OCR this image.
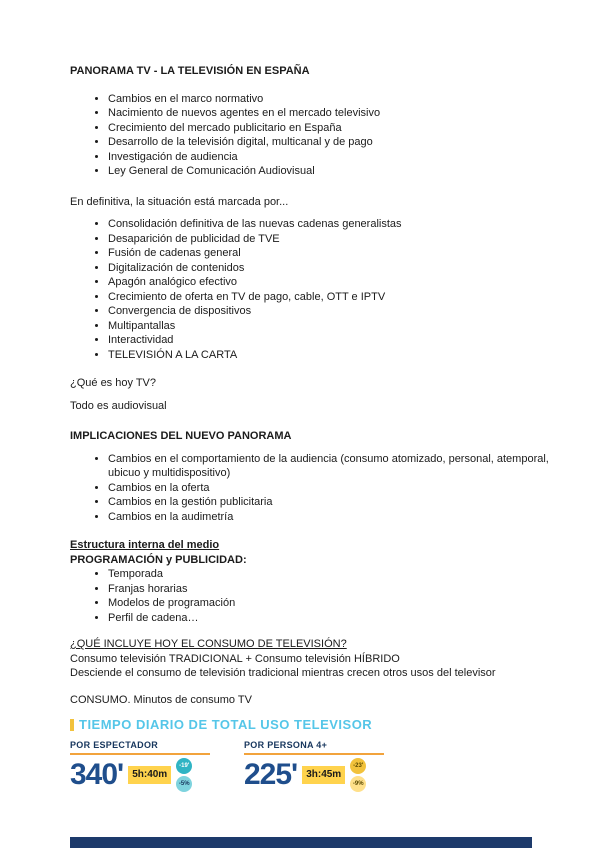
PANORAMA TV - LA TELEVISIÓN EN ESPAÑA
• Cambios en el marco normativo
• Nacimiento de nuevos agentes en el mercado televisivo
• Crecimiento del mercado publicitario en España
• Desarrollo de la televisión digital, multicanal y de pago
• Investigación de audiencia
• Ley General de Comunicación Audiovisual

En definitiva, la situación está marcada por...

• Consolidación definitiva de las nuevas cadenas generalistas
• Desaparición de publicidad de TVE
• Fusión de cadenas general
• Digitalización de contenidos
• Apagón analógico efectivo
• Crecimiento de oferta en TV de pago, cable, OTT e IPTV
• Convergencia de dispositivos
• Multipantallas
• Interactividad
• TELEVISIÓN A LA CARTA

¿Qué es hoy TV?

Todo es audiovisual

IMPLICACIONES DEL NUEVO PANORAMA
• Cambios en el comportamiento de la audiencia (consumo atomizado, personal, atemporal, ubicuo y multidispositivo)
• Cambios en la oferta
• Cambios en la gestión publicitaria
• Cambios en la audimetría
Estructura interna del medio
PROGRAMACIÓN y PUBLICIDAD:
• Temporada
• Franjas horarias
• Modelos de programación
• Perfil de cadena…

¿QUÉ INCLUYE HOY EL CONSUMO DE TELEVISIÓN?

Consumo televisión TRADICIONAL + Consumo televisión HÍBRIDO

Desciende el consumo de televisión tradicional mientras crecen otros usos del televisor

CONSUMO. Minutos de consumo TV

TIEMPO DIARIO DE TOTAL USO TELEVISOR
POR ESPECTADOR
340' 5h:40m
-19'
-5%
POR PERSONA 4+
225' 3h:45m
-23'
-9%
